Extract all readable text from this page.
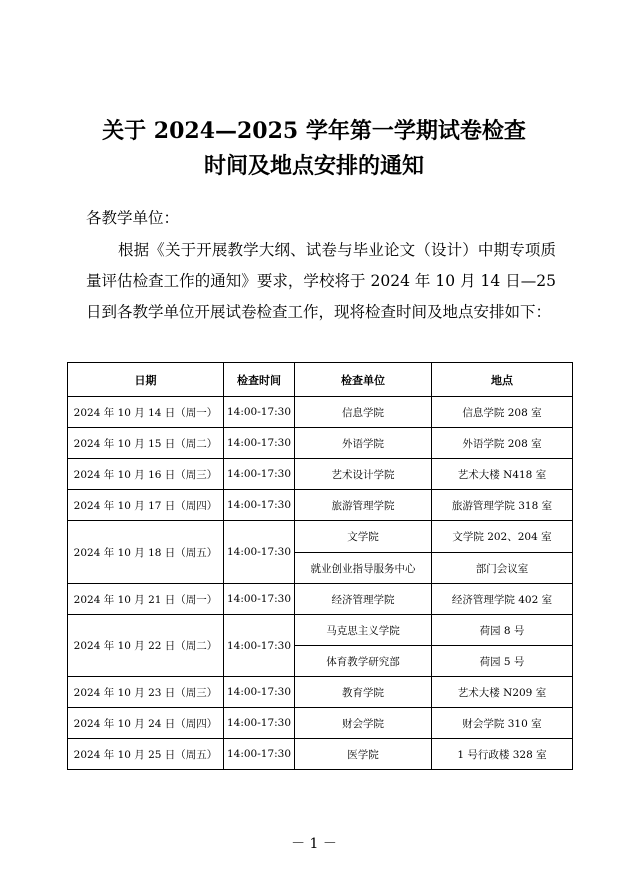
关于 2024—2025 学年第一学期试卷检查
时间及地点安排的通知

各教学单位：

根据《关于开展教学大纲、试卷与毕业论文（设计）中期专项质量评估检查工作的通知》要求，学校将于 2024 年 10 月 14 日—25 日到各教学单位开展试卷检查工作，现将检查时间及地点安排如下：

日期	检查时间	检查单位	地点
2024 年 10 月 14 日（周一）	14:00-17:30	信息学院	信息学院 208 室
2024 年 10 月 15 日（周二）	14:00-17:30	外语学院	外语学院 208 室
2024 年 10 月 16 日（周三）	14:00-17:30	艺术设计学院	艺术大楼 N418 室
2024 年 10 月 17 日（周四）	14:00-17:30	旅游管理学院	旅游管理学院 318 室
2024 年 10 月 18 日（周五）	14:00-17:30	文学院	文学院 202、204 室
		就业创业指导服务中心	部门会议室
2024 年 10 月 21 日（周一）	14:00-17:30	经济管理学院	经济管理学院 402 室
2024 年 10 月 22 日（周二）	14:00-17:30	马克思主义学院	荷园 8 号
		体育教学研究部	荷园 5 号
2024 年 10 月 23 日（周三）	14:00-17:30	教育学院	艺术大楼 N209 室
2024 年 10 月 24 日（周四）	14:00-17:30	财会学院	财会学院 310 室
2024 年 10 月 25 日（周五）	14:00-17:30	医学院	1 号行政楼 328 室
－ 1 －
